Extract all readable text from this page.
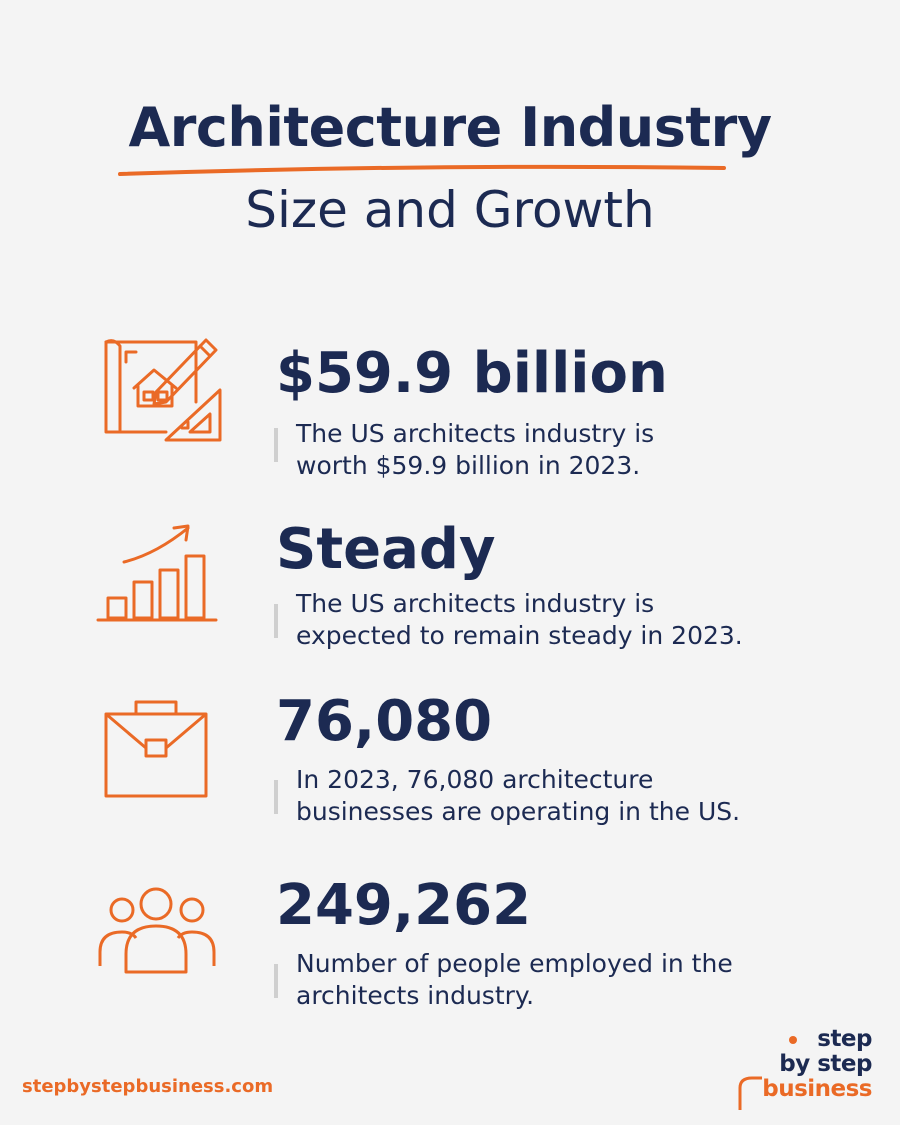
Architecture Industry
Size and Growth
$59.9 billion
The US architects industry is
worth $59.9 billion in 2023.
Steady
The US architects industry is
expected to remain steady in 2023.
76,080
In 2023, 76,080 architecture
businesses are operating in the US.
249,262
Number of people employed in the
architects industry.
stepbystepbusiness.com
step
by step
business
